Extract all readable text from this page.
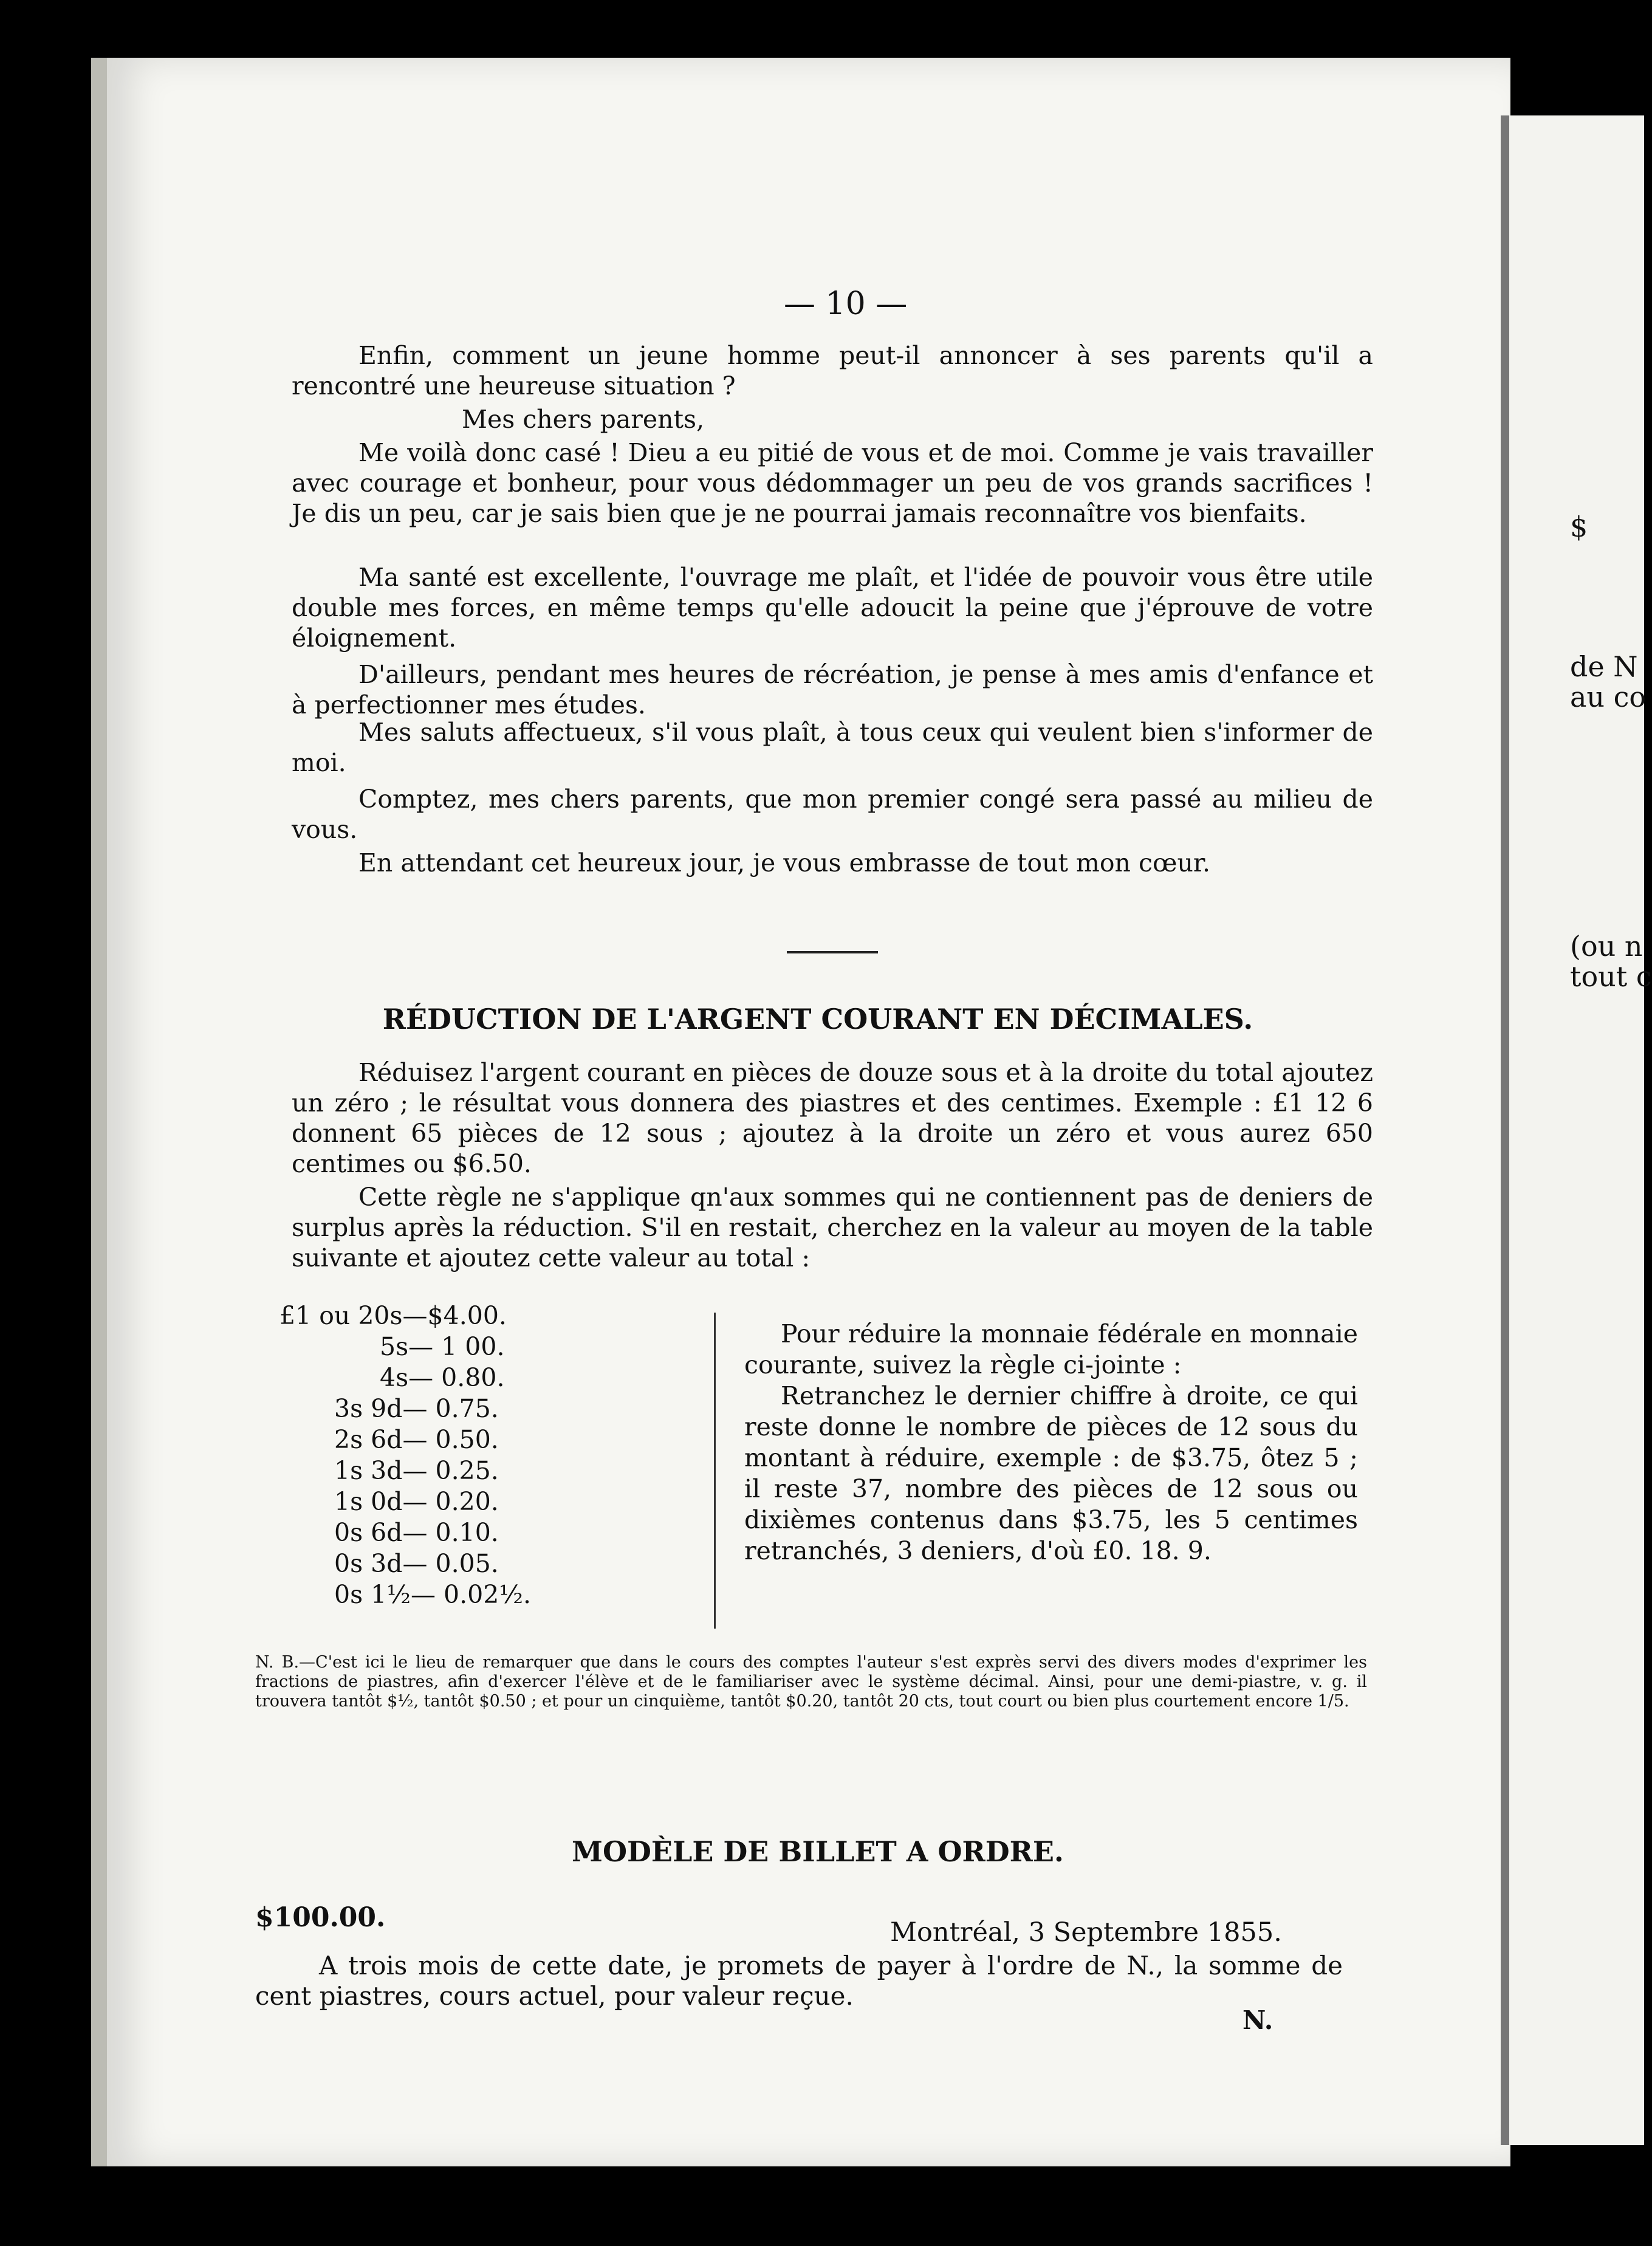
$
de N
au co
(ou n
tout c
— 10 —
Enfin, comment un jeune homme peut-il annoncer à ses parents qu'il a rencontré une heureuse situation ?
Mes chers parents,
Me voilà donc casé ! Dieu a eu pitié de vous et de moi. Comme je vais travailler avec courage et bonheur, pour vous dédommager un peu de vos grands sacrifices ! Je dis un peu, car je sais bien que je ne pourrai jamais reconnaître vos bienfaits.
Ma santé est excellente, l'ouvrage me plaît, et l'idée de pouvoir vous être utile double mes forces, en même temps qu'elle adoucit la peine que j'éprouve de votre éloignement.
D'ailleurs, pendant mes heures de récréation, je pense à mes amis d'enfance et à perfectionner mes études.
Mes saluts affectueux, s'il vous plaît, à tous ceux qui veulent bien s'informer de moi.
Comptez, mes chers parents, que mon premier congé sera passé au milieu de vous.
En attendant cet heureux jour, je vous embrasse de tout mon cœur.
RÉDUCTION DE L'ARGENT COURANT EN DÉCIMALES.
Réduisez l'argent courant en pièces de douze sous et à la droite du total ajoutez un zéro ; le résultat vous donnera des piastres et des centimes. Exemple : £1 12 6 donnent 65 pièces de 12 sous ; ajoutez à la droite un zéro et vous aurez 650 centimes ou $6.50.
Cette règle ne s'applique qn'aux sommes qui ne contiennent pas de deniers de surplus après la réduction. S'il en restait, cherchez en la valeur au moyen de la table suivante et ajoutez cette valeur au total :
£1 ou 20s—$4.00.
5s— 1 00.
4s— 0.80.
3s 9d— 0.75.
2s 6d— 0.50.
1s 3d— 0.25.
1s 0d— 0.20.
0s 6d— 0.10.
0s 3d— 0.05.
0s 1½— 0.02½.
Pour réduire la monnaie fédérale en monnaie courante, suivez la règle ci-jointe :
Retranchez le dernier chiffre à droite, ce qui reste donne le nombre de pièces de 12 sous du montant à réduire, exemple : de $3.75, ôtez 5 ; il reste 37, nombre des pièces de 12 sous ou dixièmes contenus dans $3.75, les 5 centimes retranchés, 3 deniers, d'où £0. 18. 9.
N. B.—C'est ici le lieu de remarquer que dans le cours des comptes l'auteur s'est exprès servi des divers modes d'exprimer les fractions de piastres, afin d'exercer l'élève et de le familiariser avec le système décimal. Ainsi, pour une demi-piastre, v. g. il trouvera tantôt $½, tantôt $0.50 ; et pour un cinquième, tantôt $0.20, tantôt 20 cts, tout court ou bien plus courtement encore 1/5.
MODÈLE DE BILLET A ORDRE.
$100.00.	Montréal, 3 Septembre 1855.
A trois mois de cette date, je promets de payer à l'ordre de N., la somme de cent piastres, cours actuel, pour valeur reçue.
N.
